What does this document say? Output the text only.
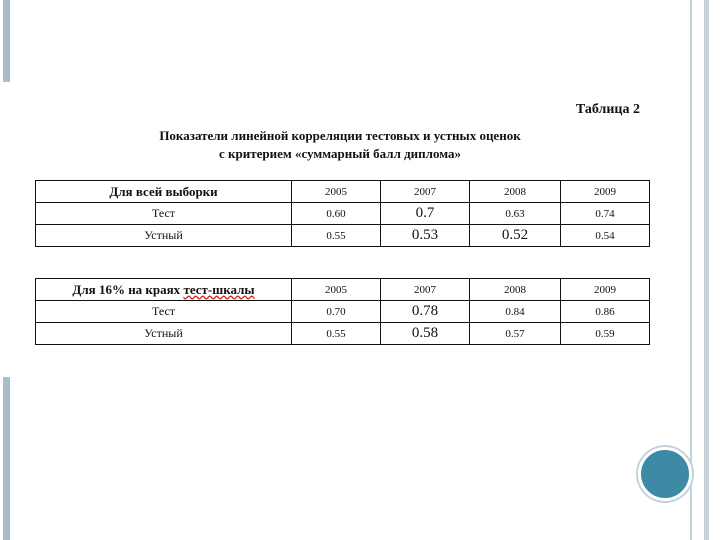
Таблица 2
Показатели линейной корреляции тестовых и устных оценок
с критерием «суммарный балл диплома»
Для всей выборки	2005	2007	2008	2009
Тест	0.60	0.7	0.63	0.74
Устный	0.55	0.53	0.52	0.54
Для 16% на краях тест-шкалы	2005	2007	2008	2009
Тест	0.70	0.78	0.84	0.86
Устный	0.55	0.58	0.57	0.59
